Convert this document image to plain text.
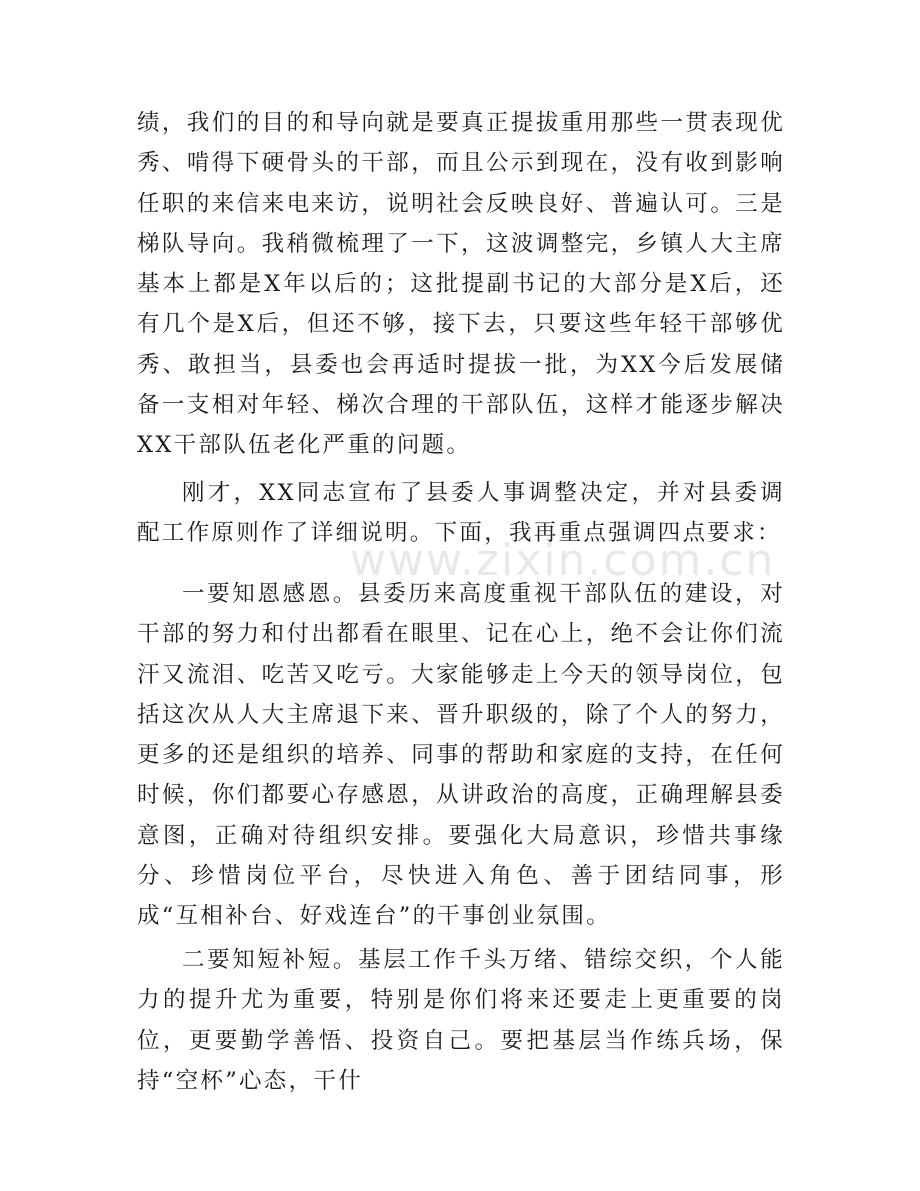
www.zixin.com.cn

绩，我们的目的和导向就是要真正提拔重用那些一贯表现优秀、啃得下硬骨头的干部，而且公示到现在，没有收到影响任职的来信来电来访，说明社会反映良好、普遍认可。三是梯队导向。我稍微梳理了一下，这波调整完，乡镇人大主席基本上都是X年以后的；这批提副书记的大部分是X后，还有几个是X后，但还不够，接下去，只要这些年轻干部够优秀、敢担当，县委也会再适时提拔一批，为XX今后发展储备一支相对年轻、梯次合理的干部队伍，这样才能逐步解决XX干部队伍老化严重的问题。

刚才，XX同志宣布了县委人事调整决定，并对县委调配工作原则作了详细说明。下面，我再重点强调四点要求：

一要知恩感恩。县委历来高度重视干部队伍的建设，对干部的努力和付出都看在眼里、记在心上，绝不会让你们流汗又流泪、吃苦又吃亏。大家能够走上今天的领导岗位，包括这次从人大主席退下来、晋升职级的，除了个人的努力，更多的还是组织的培养、同事的帮助和家庭的支持，在任何时候，你们都要心存感恩，从讲政治的高度，正确理解县委意图，正确对待组织安排。要强化大局意识，珍惜共事缘分、珍惜岗位平台，尽快进入角色、善于团结同事，形成“互相补台、好戏连台”的干事创业氛围。

二要知短补短。基层工作千头万绪、错综交织，个人能力的提升尤为重要，特别是你们将来还要走上更重要的岗位，更要勤学善悟、投资自己。要把基层当作练兵场，保持“空杯”心态，干什
